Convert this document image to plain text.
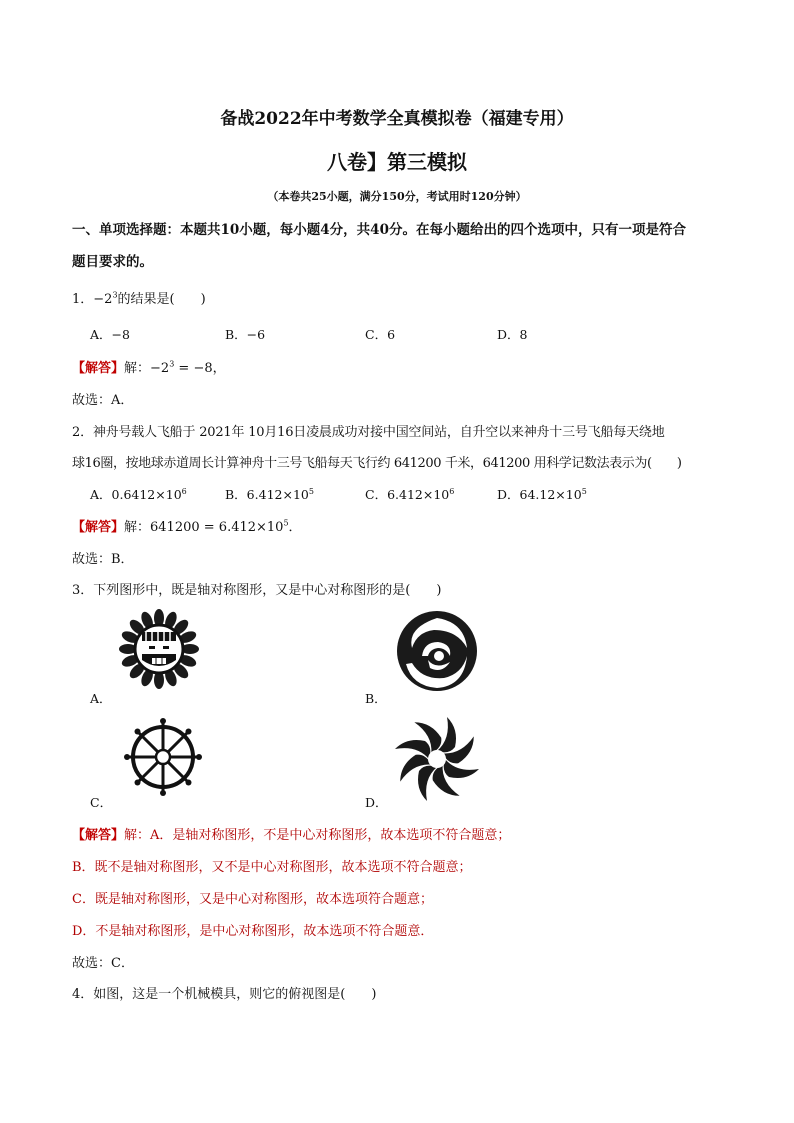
备战2022年中考数学全真模拟卷（福建专用）
八卷】第三模拟
（本卷共25小题，满分150分，考试用时120分钟）
一、单项选择题：本题共10小题，每小题4分，共40分。在每小题给出的四个选项中，只有一项是符合
题目要求的。
1．$-2^3$的结果是(　　)
A．−8	B．−6	C．6	D．8
【解答】解：$-2^3 = -8$，
故选：A．
2．神舟号载人飞船于 2021年 10月16日凌晨成功对接中国空间站，自升空以来神舟十三号飞船每天绕地
球16圈，按地球赤道周长计算神舟十三号飞船每天飞行约 641200 千米，641200 用科学记数法表示为(　　)
A．$0.6412\times 10^6$	B．$6.412\times 10^5$	C．$6.412\times 10^6$	D．$64.12\times 10^5$
【解答】解：$641200 = 6.412\times 10^5$．
故选：B．
3．下列图形中，既是轴对称图形，又是中心对称图形的是(　　)
A．	B．
C．	D．
【解答】解：A．是轴对称图形，不是中心对称图形，故本选项不符合题意；
B．既不是轴对称图形，又不是中心对称图形，故本选项不符合题意；
C．既是轴对称图形，又是中心对称图形，故本选项符合题意；
D．不是轴对称图形，是中心对称图形，故本选项不符合题意．
故选：C．
4．如图，这是一个机械模具，则它的俯视图是(　　)
